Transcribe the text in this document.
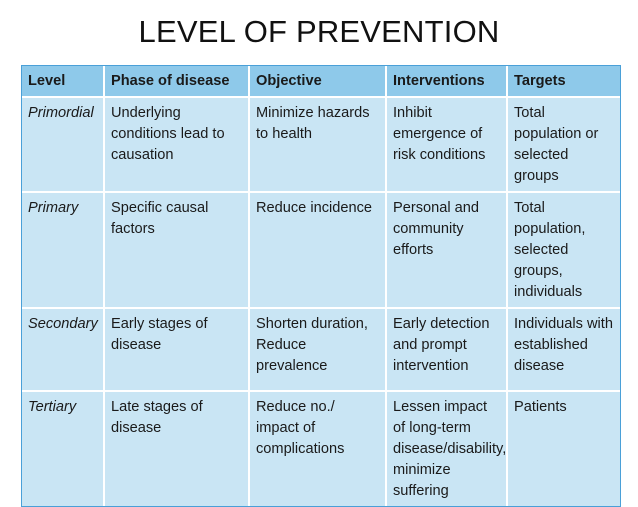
LEVEL OF PREVENTION
Level	Phase of disease	Objective	Interventions	Targets
Primordial	Underlying conditions lead to causation	Minimize hazards to health	Inhibit emergence of risk conditions	Total population or selected groups
Primary	Specific causal factors	Reduce incidence	Personal and community efforts	Total population, selected groups, individuals
Secondary	Early stages of disease	Shorten duration, Reduce prevalence	Early detection and prompt intervention	Individuals with established disease
Tertiary	Late stages of disease	Reduce no./ impact of complications	Lessen impact of long-term disease/disability, minimize suffering	Patients
